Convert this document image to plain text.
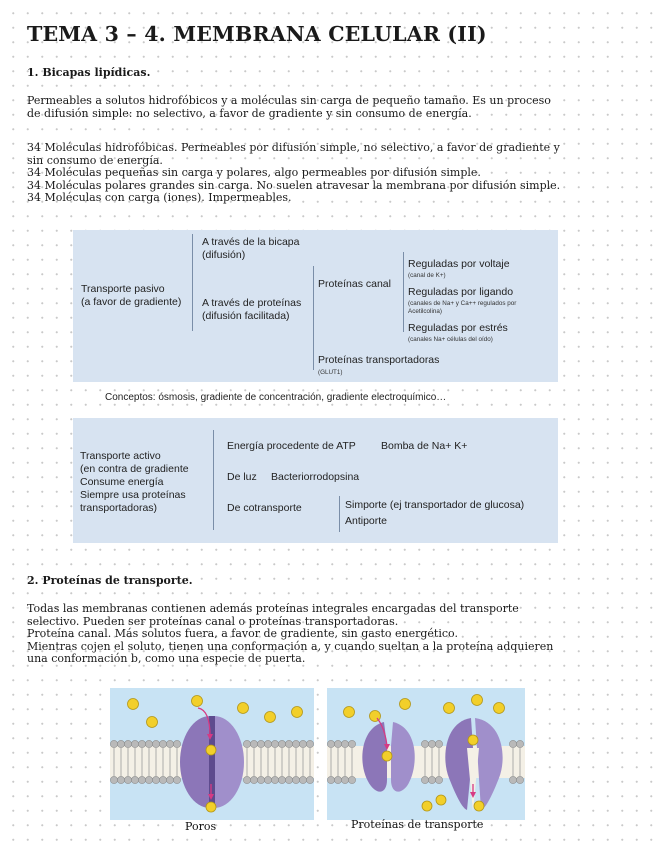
TEMA 3 – 4. MEMBRANA CELULAR (II)
1. Bicapas lipídicas.
Permeables a solutos hidrofóbicos y a moléculas sin carga de pequeño tamaño. Es un proceso
de difusión simple: no selectivo, a favor de gradiente y sin consumo de energía.
34 Moléculas hidrofóbicas. Permeables por difusión simple, no selectivo, a favor de gradiente y
sin consumo de energía.
34 Moléculas pequeñas sin carga y polares, algo permeables por difusión simple.
34 Moléculas polares grandes sin carga. No suelen atravesar la membrana por difusión simple.
34 Moléculas con carga (iones). Impermeables.
Transporte pasivo
(a favor de gradiente)
A través de la bicapa
(difusión)
A través de proteínas
(difusión facilitada)
Proteínas canal
Reguladas por voltaje
(canal de K+)
Reguladas por ligando
(canales de Na+ y Ca++ regulados por
Acetilcolina)
Reguladas por estrés
(canales Na+ células del oído)
Proteínas transportadoras
(GLUT1)
Conceptos: ósmosis, gradiente de concentración, gradiente electroquímico…
Transporte activo
(en contra de gradiente
Consume energía
Siempre usa proteínas
transportadoras)
Energía procedente de ATP Bomba de Na+ K+
De luz Bacteriorrodopsina
De cotransporte	Simporte (ej transportador de glucosa)
Antiporte
2. Proteínas de transporte.
Todas las membranas contienen además proteínas integrales encargadas del transporte
selectivo. Pueden ser proteínas canal o proteínas transportadoras.
Proteína canal. Más solutos fuera, a favor de gradiente, sin gasto energético.
Mientras cojen el soluto, tienen una conformación a, y cuando sueltan a la proteína adquieren
una conformación b, como una especie de puerta.
Poros	Proteínas de transporte
